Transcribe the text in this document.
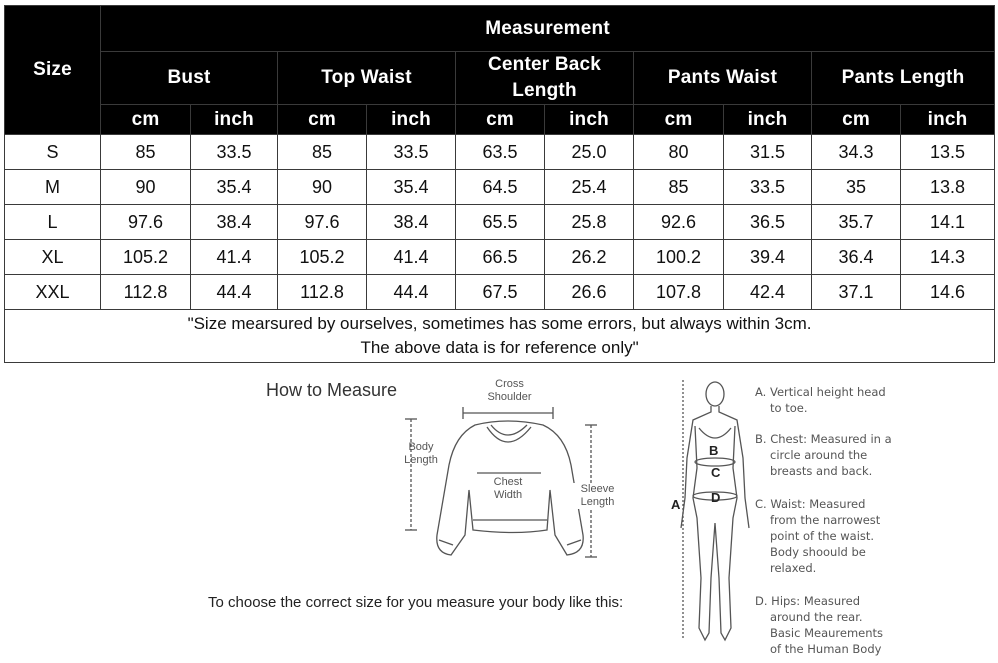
Size	Measurement									
	Bust		Top Waist		Center Back Length		Pants Waist		Pants Length	
	cm	inch	cm	inch	cm	inch	cm	inch	cm	inch
S	85	33.5	85	33.5	63.5	25.0	80	31.5	34.3	13.5
M	90	35.4	90	35.4	64.5	25.4	85	33.5	35	13.8
L	97.6	38.4	97.6	38.4	65.5	25.8	92.6	36.5	35.7	14.1
XL	105.2	41.4	105.2	41.4	66.5	26.2	100.2	39.4	36.4	14.3
XXL	112.8	44.4	112.8	44.4	67.5	26.6	107.8	42.4	37.1	14.6

"Size mearsured by ourselves, sometimes has some errors, but always within 3cm.
The above data is for reference only"										
How to Measure	Cross
Shoulder
Body
Length
Chest
Width	Sleeve
Length
To choose the correct size for you measure your body like this:
A
B
C
D
A. Vertical height head
to toe.
B. Chest: Measured in a
circle around the
breasts and back.
C. Waist: Measured
from the narrowest
point of the waist.
Body shoould be
relaxed.
D. Hips: Measured
around the rear.
Basic Meaurements
of the Human Body
